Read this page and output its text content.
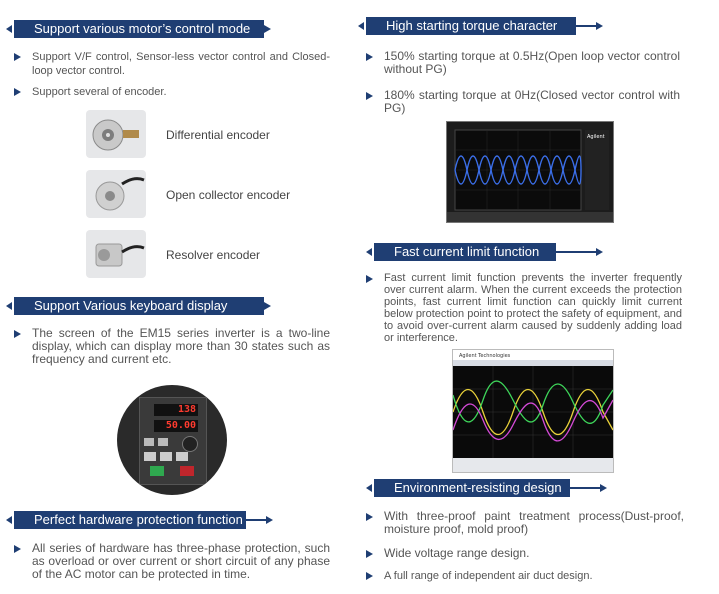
Support various motor’s control mode
Support V/F control, Sensor-less vector control and Closed-loop vector control.
Support several of encoder.
Differential encoder
Open collector encoder
Resolver encoder
Support Various keyboard display
The screen of the EM15 series inverter is a two-line display, which can display more than 30 states such as frequency and current etc.
138
50.00
Perfect hardware protection function
All series of hardware has three-phase protection, such as overload or over current or short circuit of any phase of the AC motor can be protected in time.
High starting torque character
150% starting torque at 0.5Hz(Open loop vector control without PG)
180% starting torque at 0Hz(Closed vector control with PG)
Agilent
Fast current limit function
Fast current limit function prevents the inverter frequently over current alarm. When the current exceeds the protection points, fast current limit function can quickly limit current below protection point to protect the safety of equipment, and to avoid over-current alarm caused by suddenly adding load or interference.
Agilent Technologies
Environment-resisting design
With three-proof paint treatment process(Dust-proof, moisture proof, mold proof)
Wide voltage range design.
A full range of independent air duct design.
